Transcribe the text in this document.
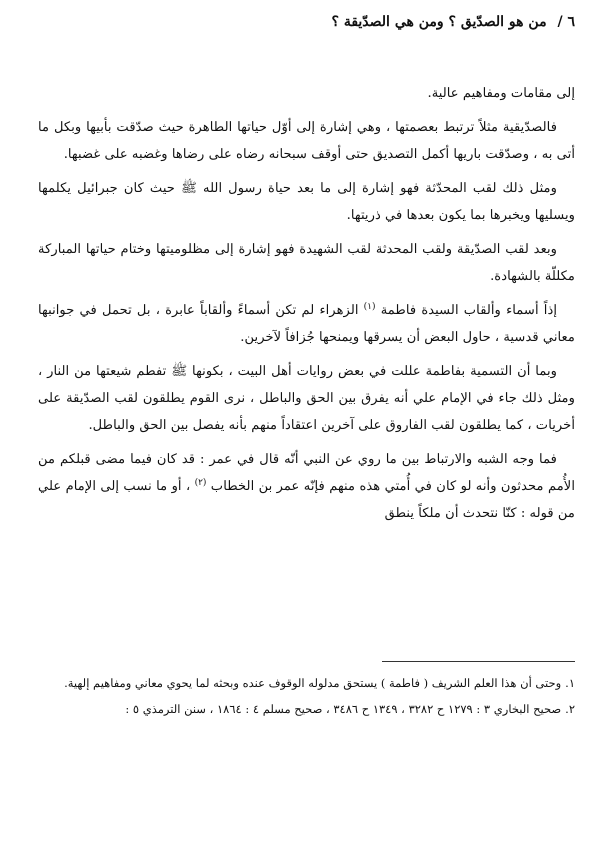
٦ / من هو الصدّيق ؟ ومن هي الصدّيقة ؟

إلى مقامات ومفاهيم عالية.

فالصدّيقية مثلاً ترتبط بعصمتها ، وهي إشارة إلى أوّل حياتها الطاهرة حيث صدّقت بأبيها وبكل ما أتى به ، وصدّقت باريها أكمل التصديق حتى أوقف سبحانه رضاه على رضاها وغضبه على غضبها.

ومثل ذلك لقب المحدّثة فهو إشارة إلى ما بعد حياة رسول الله ﷺ حيث كان جبرائيل يكلمها ويسليها ويخبرها بما يكون بعدها في ذريتها.

وبعد لقب الصدّيقة ولقب المحدثة لقب الشهيدة فهو إشارة إلى مظلوميتها وختام حياتها المباركة مكللّة بالشهادة.

إذاً أسماء وألقاب السيدة فاطمة $^{(١)}$ الزهراء لم تكن أسماءً وألقاباً عابرة ، بل تحمل في جوانبها معاني قدسية ، حاول البعض أن يسرقها ويمنحها جُزافاً لآخرين.

وبما أن التسمية بفاطمة عللت في بعض روايات أهل البيت ، بكونها ﷺ تفطم شيعتها من النار ، ومثل ذلك جاء في الإمام علي أنه يفرق بين الحق والباطل ، نرى القوم يطلقون لقب الصدّيقة على أخريات ، كما يطلقون لقب الفاروق على آخرين اعتقاداً منهم بأنه يفصل بين الحق والباطل.

فما وجه الشبه والارتباط بين ما روي عن النبي أنّه قال في عمر : قد كان فيما مضى قبلكم من الأُمم محدثون وأنه لو كان في أُمتي هذه منهم فإنّه عمر بن الخطاب $^{(٢)}$ ، أو ما نسب إلى الإمام علي من قوله : كنّا نتحدث أن ملكاً ينطق

١.وحتى أن هذا العلم الشريف ( فاطمة ) يستحق مدلوله الوقوف عنده وبحثه لما يحوي معاني ومفاهيم إلهية.
٢.صحيح البخاري ٣ : ١٢٧٩ ح ٣٢٨٢ ، ١٣٤٩ ح ٣٤٨٦ ، صحيح مسلم ٤ : ١٨٦٤ ، سنن الترمذي ٥ :
